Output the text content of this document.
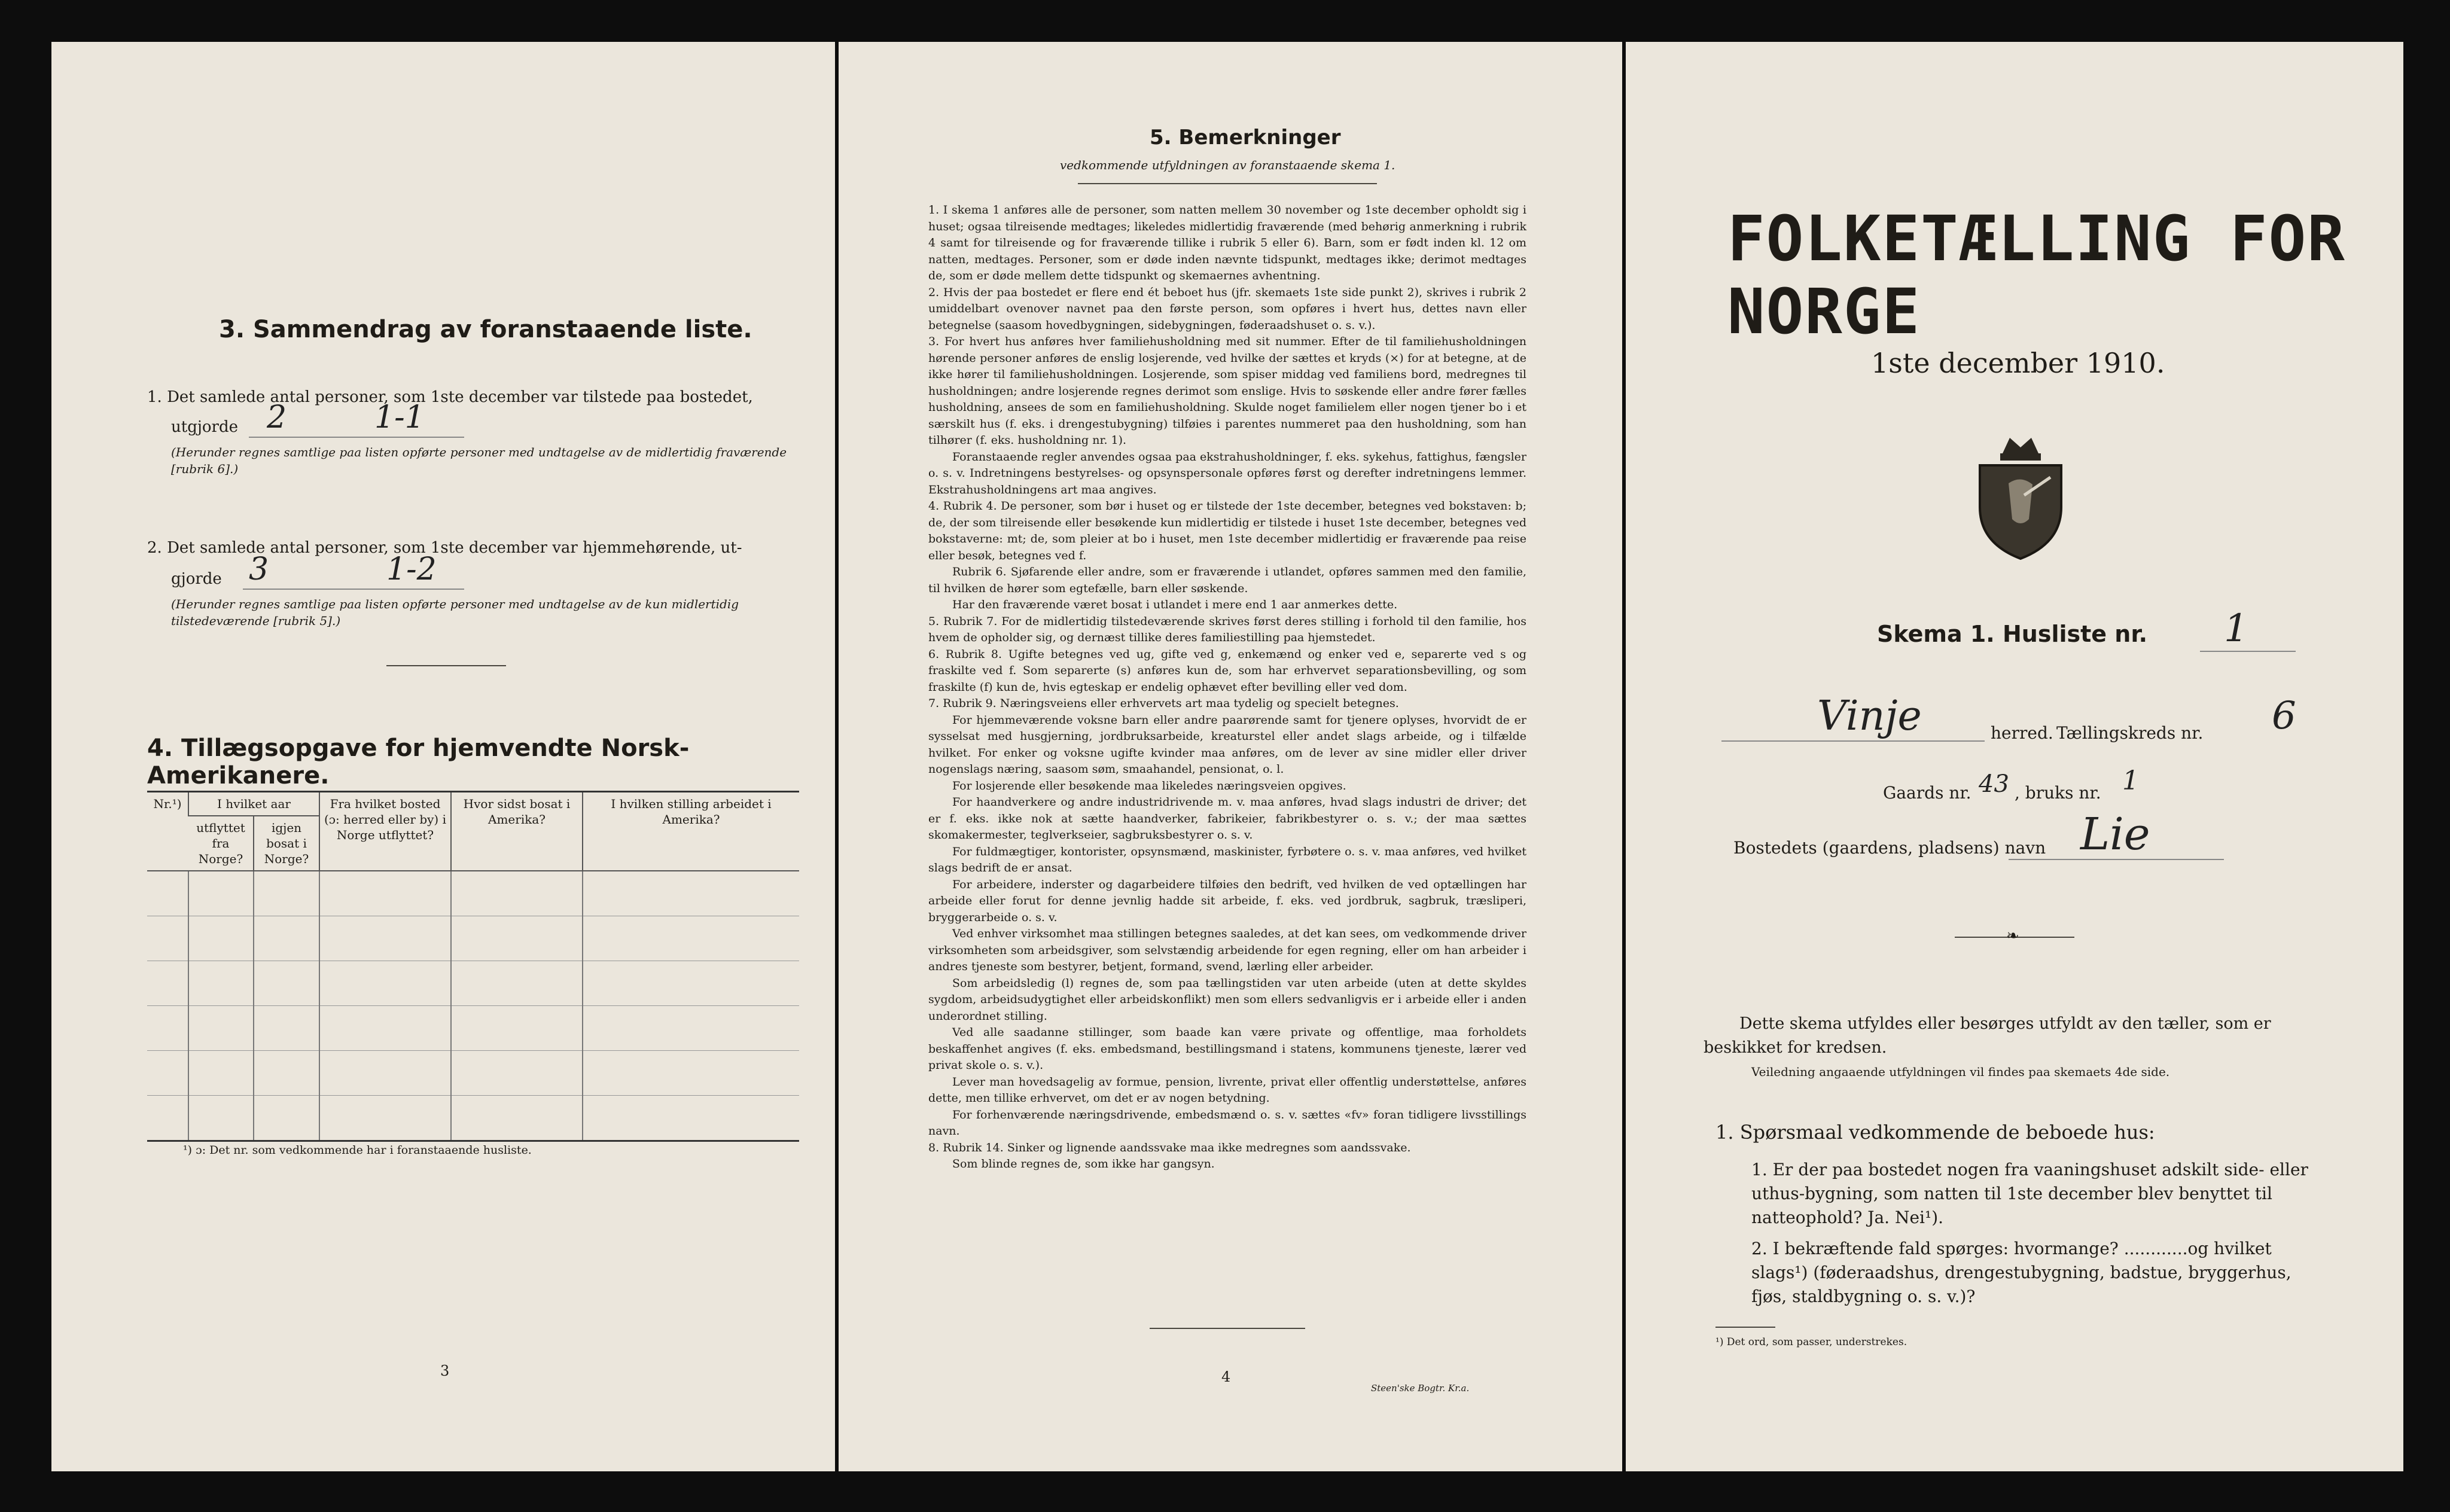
3. Sammendrag av foranstaaende liste.
1. Det samlede antal personer, som 1ste december var tilstede paa bostedet,
utgjorde 2	1-1
(Herunder regnes samtlige paa listen opførte personer med undtagelse av de midlertidig fraværende [rubrik 6].)
2. Det samlede antal personer, som 1ste december var hjemmehørende, ut-
gjorde 3	1-2
(Herunder regnes samtlige paa listen opførte personer med undtagelse av de kun midlertidig tilstedeværende [rubrik 5].)
4. Tillægsopgave for hjemvendte Norsk-Amerikanere.
Nr.¹)	I hvilket aar		Fra hvilket bosted (ɔ: herred eller by) i Norge utflyttet?	Hvor sidst bosat i Amerika?	I hvilken stilling arbeidet i Amerika?
	utflyttet fra Norge?	igjen bosat i Norge?			

¹) ɔ: Det nr. som vedkommende har i foranstaaende husliste.
3
5. Bemerkninger
vedkommende utfyldningen av foranstaaende skema 1.

1. I skema 1 anføres alle de personer, som natten mellem 30 november og 1ste december opholdt sig i huset; ogsaa tilreisende medtages; likeledes midlertidig fraværende (med behørig anmerkning i rubrik 4 samt for tilreisende og for fraværende tillike i rubrik 5 eller 6). Barn, som er født inden kl. 12 om natten, medtages. Personer, som er døde inden nævnte tidspunkt, medtages ikke; derimot medtages de, som er døde mellem dette tidspunkt og skemaernes avhentning.

2. Hvis der paa bostedet er flere end ét beboet hus (jfr. skemaets 1ste side punkt 2), skrives i rubrik 2 umiddelbart ovenover navnet paa den første person, som opføres i hvert hus, dettes navn eller betegnelse (saasom hovedbygningen, sidebygningen, føderaadshuset o. s. v.).

3. For hvert hus anføres hver familiehusholdning med sit nummer. Efter de til familiehusholdningen hørende personer anføres de enslig losjerende, ved hvilke der sættes et kryds (×) for at betegne, at de ikke hører til familiehusholdningen. Losjerende, som spiser middag ved familiens bord, medregnes til husholdningen; andre losjerende regnes derimot som enslige. Hvis to søskende eller andre fører fælles husholdning, ansees de som en familiehusholdning. Skulde noget familielem eller nogen tjener bo i et særskilt hus (f. eks. i drengestubygning) tilføies i parentes nummeret paa den husholdning, som han tilhører (f. eks. husholdning nr. 1).

Foranstaaende regler anvendes ogsaa paa ekstrahusholdninger, f. eks. sykehus, fattighus, fængsler o. s. v. Indretningens bestyrelses- og opsynspersonale opføres først og derefter indretningens lemmer. Ekstrahusholdningens art maa angives.

4. Rubrik 4. De personer, som bør i huset og er tilstede der 1ste december, betegnes ved bokstaven: b; de, der som tilreisende eller besøkende kun midlertidig er tilstede i huset 1ste december, betegnes ved bokstaverne: mt; de, som pleier at bo i huset, men 1ste december midlertidig er fraværende paa reise eller besøk, betegnes ved f.

Rubrik 6. Sjøfarende eller andre, som er fraværende i utlandet, opføres sammen med den familie, til hvilken de hører som egtefælle, barn eller søskende.

Har den fraværende været bosat i utlandet i mere end 1 aar anmerkes dette.

5. Rubrik 7. For de midlertidig tilstedeværende skrives først deres stilling i forhold til den familie, hos hvem de opholder sig, og dernæst tillike deres familiestilling paa hjemstedet.

6. Rubrik 8. Ugifte betegnes ved ug, gifte ved g, enkemænd og enker ved e, separerte ved s og fraskilte ved f. Som separerte (s) anføres kun de, som har erhvervet separationsbevilling, og som fraskilte (f) kun de, hvis egteskap er endelig ophævet efter bevilling eller ved dom.

7. Rubrik 9. Næringsveiens eller erhvervets art maa tydelig og specielt betegnes.

For hjemmeværende voksne barn eller andre paarørende samt for tjenere oplyses, hvorvidt de er sysselsat med husgjerning, jordbruksarbeide, kreaturstel eller andet slags arbeide, og i tilfælde hvilket. For enker og voksne ugifte kvinder maa anføres, om de lever av sine midler eller driver nogenslags næring, saasom søm, smaahandel, pensionat, o. l.

For losjerende eller besøkende maa likeledes næringsveien opgives.

For haandverkere og andre industridrivende m. v. maa anføres, hvad slags industri de driver; det er f. eks. ikke nok at sætte haandverker, fabrikeier, fabrikbestyrer o. s. v.; der maa sættes skomakermester, teglverkseier, sagbruksbestyrer o. s. v.

For fuldmægtiger, kontorister, opsynsmænd, maskinister, fyrbøtere o. s. v. maa anføres, ved hvilket slags bedrift de er ansat.

For arbeidere, inderster og dagarbeidere tilføies den bedrift, ved hvilken de ved optællingen har arbeide eller forut for denne jevnlig hadde sit arbeide, f. eks. ved jordbruk, sagbruk, træsliperi, bryggerarbeide o. s. v.

Ved enhver virksomhet maa stillingen betegnes saaledes, at det kan sees, om vedkommende driver virksomheten som arbeidsgiver, som selvstændig arbeidende for egen regning, eller om han arbeider i andres tjeneste som bestyrer, betjent, formand, svend, lærling eller arbeider.

Som arbeidsledig (l) regnes de, som paa tællingstiden var uten arbeide (uten at dette skyldes sygdom, arbeidsudygtighet eller arbeidskonflikt) men som ellers sedvanligvis er i arbeide eller i anden underordnet stilling.

Ved alle saadanne stillinger, som baade kan være private og offentlige, maa forholdets beskaffenhet angives (f. eks. embedsmand, bestillingsmand i statens, kommunens tjeneste, lærer ved privat skole o. s. v.).

Lever man hovedsagelig av formue, pension, livrente, privat eller offentlig understøttelse, anføres dette, men tillike erhvervet, om det er av nogen betydning.

For forhenværende næringsdrivende, embedsmænd o. s. v. sættes «fv» foran tidligere livsstillings navn.

8. Rubrik 14. Sinker og lignende aandssvake maa ikke medregnes som aandssvake.

Som blinde regnes de, som ikke har gangsyn.

4
Steen'ske Bogtr. Kr.a.
FOLKETÆLLING FOR NORGE
1ste december 1910.
Skema 1. Husliste nr. 1
Vinje	herred. Tællingskreds nr. 6
Gaards nr. 43 , bruks nr. 1
Bostedets (gaardens, pladsens) navn Lie
❧
Dette skema utfyldes eller besørges utfyldt av den tæller, som er beskikket for kredsen.
Veiledning angaaende utfyldningen vil findes paa skemaets 4de side.
1. Spørsmaal vedkommende de beboede hus:
1. Er der paa bostedet nogen fra vaaningshuset adskilt side- eller uthus-bygning, som natten til 1ste december blev benyttet til natteophold? Ja. Nei¹).
2. I bekræftende fald spørges: hvormange? ............og hvilket slags¹) (føderaadshus, drengestubygning, badstue, bryggerhus, fjøs, staldbygning o. s. v.)?
¹) Det ord, som passer, understrekes.
